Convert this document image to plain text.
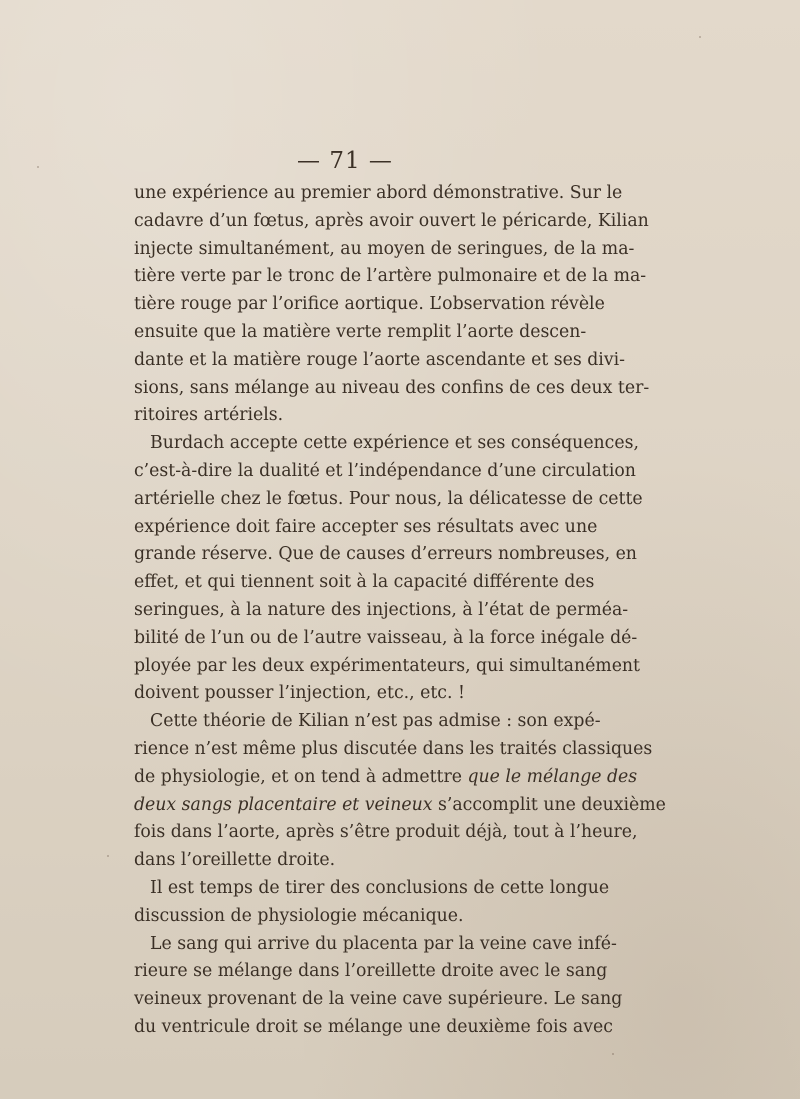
— 71 —
une expérience au premier abord démonstrative. Sur le
cadavre d’un fœtus, après avoir ouvert le péricarde, Kilian
injecte simultanément, au moyen de seringues, de la ma-
tière verte par le tronc de l’artère pulmonaire et de la ma-
tière rouge par l’orifice aortique. L’observation révèle
ensuite que la matière verte remplit l’aorte descen-
dante et la matière rouge l’aorte ascendante et ses divi-
sions, sans mélange au niveau des confins de ces deux ter-
ritoires artériels.
Burdach accepte cette expérience et ses conséquences,
c’est-à-dire la dualité et l’indépendance d’une circulation
artérielle chez le fœtus. Pour nous, la délicatesse de cette
expérience doit faire accepter ses résultats avec une
grande réserve. Que de causes d’erreurs nombreuses, en
effet, et qui tiennent soit à la capacité différente des
seringues, à la nature des injections, à l’état de perméa-
bilité de l’un ou de l’autre vaisseau, à la force inégale dé-
ployée par les deux expérimentateurs, qui simultanément
doivent pousser l’injection, etc., etc. !
Cette théorie de Kilian n’est pas admise : son expé-
rience n’est même plus discutée dans les traités classiques
de physiologie, et on tend à admettre que le mélange des
deux sangs placentaire et veineux s’accomplit une deuxième
fois dans l’aorte, après s’être produit déjà, tout à l’heure,
dans l’oreillette droite.
Il est temps de tirer des conclusions de cette longue
discussion de physiologie mécanique.
Le sang qui arrive du placenta par la veine cave infé-
rieure se mélange dans l’oreillette droite avec le sang
veineux provenant de la veine cave supérieure. Le sang
du ventricule droit se mélange une deuxième fois avec
